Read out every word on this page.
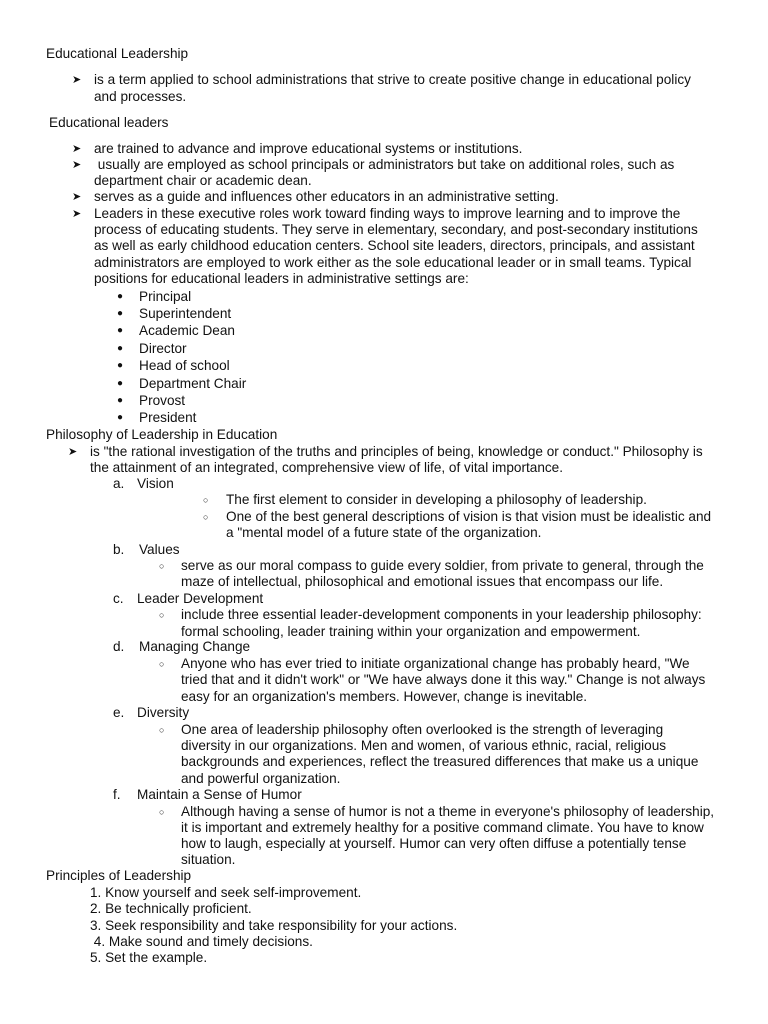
Educational Leadership
➤ is a term applied to school administrations that strive to create positive change in educational policy
and processes.
Educational leaders
➤ are trained to advance and improve educational systems or institutions.
➤ usually are employed as school principals or administrators but take on additional roles, such as
department chair or academic dean.
➤ serves as a guide and influences other educators in an administrative setting.
➤ Leaders in these executive roles work toward finding ways to improve learning and to improve the
process of educating students. They serve in elementary, secondary, and post-secondary institutions
as well as early childhood education centers. School site leaders, directors, principals, and assistant
administrators are employed to work either as the sole educational leader or in small teams. Typical
positions for educational leaders in administrative settings are:
● Principal
● Superintendent
● Academic Dean
● Director
● Head of school
● Department Chair
● Provost
● President
Philosophy of Leadership in Education
➤ is "the rational investigation of the truths and principles of being, knowledge or conduct." Philosophy is
the attainment of an integrated, comprehensive view of life, of vital importance.
a. Vision
○ The first element to consider in developing a philosophy of leadership.
○ One of the best general descriptions of vision is that vision must be idealistic and
a "mental model of a future state of the organization.
b. Values
○ serve as our moral compass to guide every soldier, from private to general, through the
maze of intellectual, philosophical and emotional issues that encompass our life.
c. Leader Development
○ include three essential leader-development components in your leadership philosophy:
formal schooling, leader training within your organization and empowerment.
d. Managing Change
○ Anyone who has ever tried to initiate organizational change has probably heard, "We
tried that and it didn't work" or "We have always done it this way." Change is not always
easy for an organization's members. However, change is inevitable.
e. Diversity
○ One area of leadership philosophy often overlooked is the strength of leveraging
diversity in our organizations. Men and women, of various ethnic, racial, religious
backgrounds and experiences, reflect the treasured differences that make us a unique
and powerful organization.
f. Maintain a Sense of Humor
○ Although having a sense of humor is not a theme in everyone's philosophy of leadership,
it is important and extremely healthy for a positive command climate. You have to know
how to laugh, especially at yourself. Humor can very often diffuse a potentially tense
situation.
Principles of Leadership
1. Know yourself and seek self-improvement.
2. Be technically proficient.
3. Seek responsibility and take responsibility for your actions.
4. Make sound and timely decisions.
5. Set the example.
